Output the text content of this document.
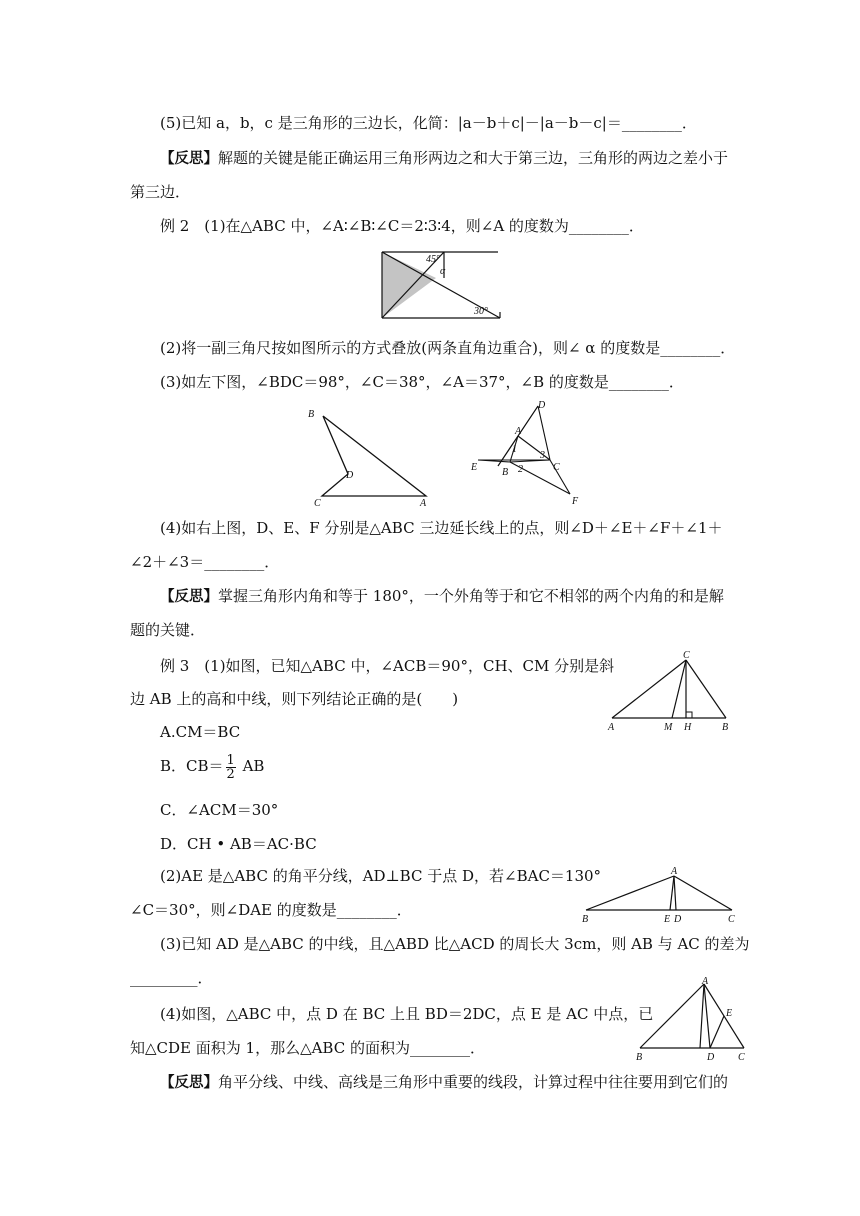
(5)已知 a，b，c 是三角形的三边长，化简：|a－b＋c|－|a－b－c|＝________．
【反思】解题的关键是能正确运用三角形两边之和大于第三边，三角形的两边之差小于
第三边．
例 2　(1)在△ABC 中，∠A∶∠B∶∠C＝2∶3∶4，则∠A 的度数为________．
45°
α
30°
(2)将一副三角尺按如图所示的方式叠放(两条直角边重合)，则∠ α 的度数是________．
(3)如左下图，∠BDC＝98°，∠C＝38°，∠A＝37°，∠B 的度数是________．
B
D
C	A
D
A
1
3
E B 2	C
F
(4)如右上图，D、E、F 分别是△ABC 三边延长线上的点，则∠D＋∠E＋∠F＋∠1＋
∠2＋∠3＝________．
【反思】掌握三角形内角和等于 180°，一个外角等于和它不相邻的两个内角的和是解
题的关键．
例 3　(1)如图，已知△ABC 中，∠ACB＝90°，CH、CM 分别是斜
边 AB 上的高和中线，则下列结论正确的是(　　)
C
A	M H	B
A.CM＝BC
B．$CB= \frac{1}{2}$ AB
C．∠ACM＝30°
D．CH • AB＝AC·BC
(2)AE 是△ABC 的角平分线，AD⊥BC 于点 D，若∠BAC＝130°
∠C＝30°，则∠DAE 的度数是________．
A
B	E D	C
(3)已知 AD 是△ABC 的中线，且△ABD 比△ACD 的周长大 3cm，则 AB 与 AC 的差为
_________．
(4)如图，△ABC 中，点 D 在 BC 上且 BD＝2DC，点 E 是 AC 中点，已
知△CDE 面积为 1，那么△ABC 的面积为________．
A
E
B	D C
【反思】角平分线、中线、高线是三角形中重要的线段，计算过程中往往要用到它们的
